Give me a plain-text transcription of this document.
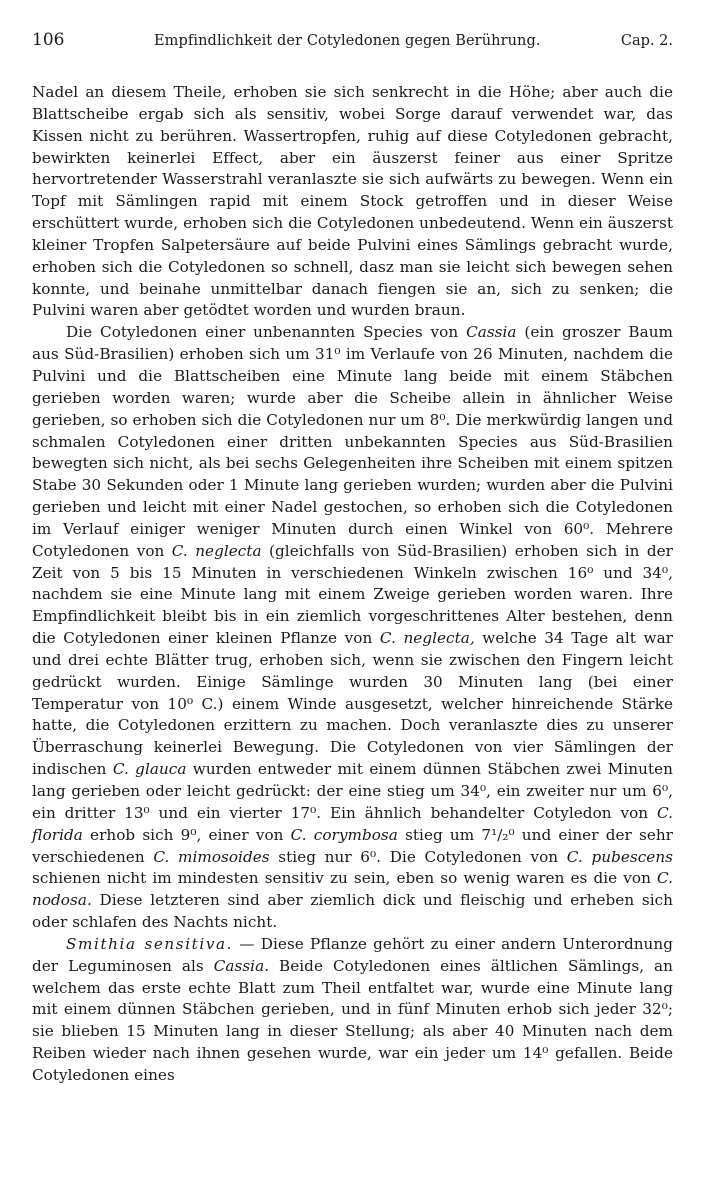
106	Empfindlichkeit der Cotyledonen gegen Berührung.	Cap. 2.

Nadel an diesem Theile, erhoben sie sich senkrecht in die Höhe; aber auch die Blattscheibe ergab sich als sensitiv, wobei Sorge darauf verwendet war, das Kissen nicht zu berühren. Wassertropfen, ruhig auf diese Cotyledonen gebracht, bewirkten keinerlei Effect, aber ein äuszerst feiner aus einer Spritze hervortretender Wasserstrahl veranlaszte sie sich aufwärts zu bewegen. Wenn ein Topf mit Sämlingen rapid mit einem Stock getroffen und in dieser Weise erschüttert wurde, erhoben sich die Cotyledonen unbedeutend. Wenn ein äuszerst kleiner Tropfen Salpetersäure auf beide Pulvini eines Sämlings gebracht wurde, erhoben sich die Cotyledonen so schnell, dasz man sie leicht sich bewegen sehen konnte, und beinahe unmittelbar danach fiengen sie an, sich zu senken; die Pulvini waren aber getödtet worden und wurden braun.

Die Cotyledonen einer unbenannten Species von Cassia (ein groszer Baum aus Süd-Brasilien) erhoben sich um 31⁰ im Verlaufe von 26 Minuten, nachdem die Pulvini und die Blattscheiben eine Minute lang beide mit einem Stäbchen gerieben worden waren; wurde aber die Scheibe allein in ähnlicher Weise gerieben, so erhoben sich die Cotyledonen nur um 8⁰. Die merkwürdig langen und schmalen Cotyledonen einer dritten unbekannten Species aus Süd-Brasilien bewegten sich nicht, als bei sechs Gelegenheiten ihre Scheiben mit einem spitzen Stabe 30 Sekunden oder 1 Minute lang gerieben wurden; wurden aber die Pulvini gerieben und leicht mit einer Nadel gestochen, so erhoben sich die Cotyledonen im Verlauf einiger weniger Minuten durch einen Winkel von 60⁰. Mehrere Cotyledonen von C. neglecta (gleichfalls von Süd-Brasilien) erhoben sich in der Zeit von 5 bis 15 Minuten in verschiedenen Winkeln zwischen 16⁰ und 34⁰, nachdem sie eine Minute lang mit einem Zweige gerieben worden waren. Ihre Empfindlichkeit bleibt bis in ein ziemlich vorgeschrittenes Alter bestehen, denn die Cotyledonen einer kleinen Pflanze von C. neglecta, welche 34 Tage alt war und drei echte Blätter trug, erhoben sich, wenn sie zwischen den Fingern leicht gedrückt wurden. Einige Sämlinge wurden 30 Minuten lang (bei einer Temperatur von 10⁰ C.) einem Winde ausgesetzt, welcher hinreichende Stärke hatte, die Cotyledonen erzittern zu machen. Doch veranlaszte dies zu unserer Überraschung keinerlei Bewegung. Die Cotyledonen von vier Sämlingen der indischen C. glauca wurden entweder mit einem dünnen Stäbchen zwei Minuten lang gerieben oder leicht gedrückt: der eine stieg um 34⁰, ein zweiter nur um 6⁰, ein dritter 13⁰ und ein vierter 17⁰. Ein ähnlich behandelter Cotyledon von C. florida erhob sich 9⁰, einer von C. corymbosa stieg um 7¹/₂⁰ und einer der sehr verschiedenen C. mimosoides stieg nur 6⁰. Die Cotyledonen von C. pubescens schienen nicht im mindesten sensitiv zu sein, eben so wenig waren es die von C. nodosa. Diese letzteren sind aber ziemlich dick und fleischig und erheben sich oder schlafen des Nachts nicht.

Smithia sensitiva. — Diese Pflanze gehört zu einer andern Unterordnung der Leguminosen als Cassia. Beide Cotyledonen eines ältlichen Sämlings, an welchem das erste echte Blatt zum Theil entfaltet war, wurde eine Minute lang mit einem dünnen Stäbchen gerieben, und in fünf Minuten erhob sich jeder 32⁰; sie blieben 15 Minuten lang in dieser Stellung; als aber 40 Minuten nach dem Reiben wieder nach ihnen gesehen wurde, war ein jeder um 14⁰ gefallen. Beide Cotyledonen eines
